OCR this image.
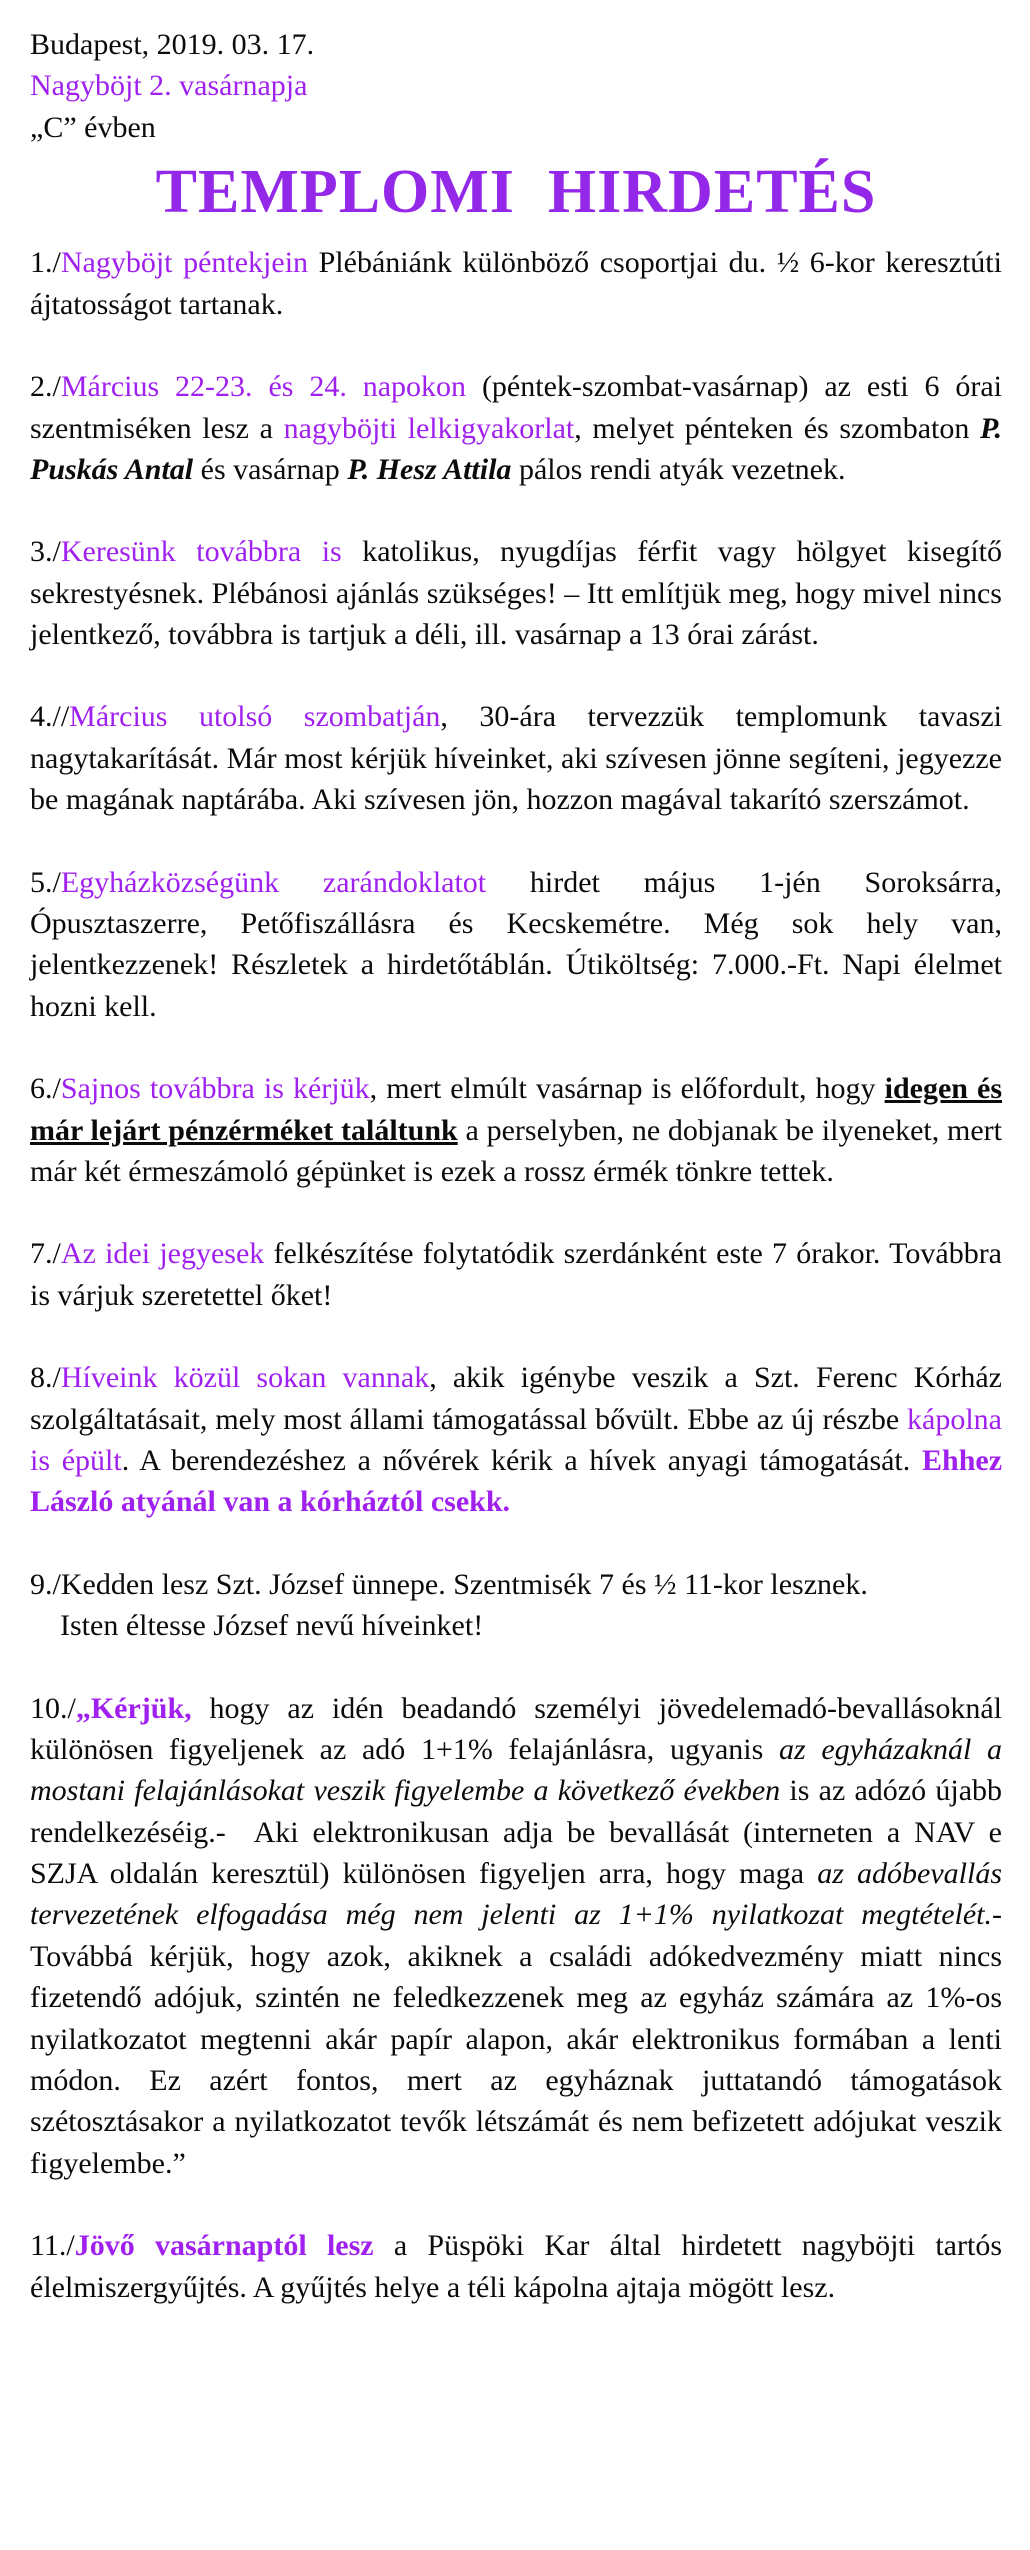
Budapest, 2019. 03. 17.

Nagyböjt 2. vasárnapja

„C” évben

TEMPLOMI  HIRDETÉS

1./Nagyböjt péntekjein Plébániánk különböző csoportjai du. ½ 6-kor keresztúti ájtatosságot tartanak.

2./Március 22-23. és 24. napokon (péntek-szombat-vasárnap) az esti 6 órai szentmiséken lesz a nagyböjti lelkigyakorlat, melyet pénteken és szombaton P. Puskás Antal és vasárnap P. Hesz Attila pálos rendi atyák vezetnek.

3./Keresünk továbbra is katolikus, nyugdíjas férfit vagy hölgyet kisegítő sekrestyésnek. Plébánosi ajánlás szükséges! – Itt említjük meg, hogy mivel nincs jelentkező, továbbra is tartjuk a déli, ill. vasárnap a 13 órai zárást.

4.//Március utolsó szombatján, 30-ára tervezzük templomunk tavaszi nagytakarítását. Már most kérjük híveinket, aki szívesen jönne segíteni, jegyezze be magának naptárába. Aki szívesen jön, hozzon magával takarító szerszámot.

5./Egyházközségünk zarándoklatot hirdet május 1-jén Soroksárra, Ópusztaszerre, Petőfiszállásra és Kecskemétre. Még sok hely van, jelentkezzenek! Részletek a hirdetőtáblán. Útiköltség: 7.000.-Ft. Napi élelmet hozni kell.

6./Sajnos továbbra is kérjük, mert elmúlt vasárnap is előfordult, hogy idegen és már lejárt pénzérméket találtunk a perselyben, ne dobjanak be ilyeneket, mert már két érmeszámoló gépünket is ezek a rossz érmék tönkre tettek.

7./Az idei jegyesek felkészítése folytatódik szerdánként este 7 órakor. Továbbra is várjuk szeretettel őket!

8./Híveink közül sokan vannak, akik igénybe veszik a Szt. Ferenc Kórház szolgáltatásait, mely most állami támogatással bővült. Ebbe az új részbe kápolna is épült. A berendezéshez a nővérek kérik a hívek anyagi támogatását. Ehhez László atyánál van a kórháztól csekk.

9./Kedden lesz Szt. József ünnepe. Szentmisék 7 és ½ 11-kor lesznek.
Isten éltesse József nevű híveinket!

10./„Kérjük, hogy az idén beadandó személyi jövedelemadó-bevallásoknál különösen figyeljenek az adó 1+1% felajánlásra, ugyanis az egyházaknál a mostani felajánlásokat veszik figyelembe a következő években is az adózó újabb rendelkezéséig.-  Aki elektronikusan adja be bevallását (interneten a NAV e SZJA oldalán keresztül) különösen figyeljen arra, hogy maga az adóbevallás tervezetének elfogadása még nem jelenti az 1+1% nyilatkozat megtételét.-Továbbá kérjük, hogy azok, akiknek a családi adókedvezmény miatt nincs fizetendő adójuk, szintén ne feledkezzenek meg az egyház számára az 1%-os nyilatkozatot megtenni akár papír alapon, akár elektronikus formában a lenti módon. Ez azért fontos, mert az egyháznak juttatandó támogatások szétosztásakor a nyilatkozatot tevők létszámát és nem befizetett adójukat veszik figyelembe.”

11./Jövő vasárnaptól lesz a Püspöki Kar által hirdetett nagyböjti tartós élelmiszergyűjtés. A gyűjtés helye a téli kápolna ajtaja mögött lesz.
